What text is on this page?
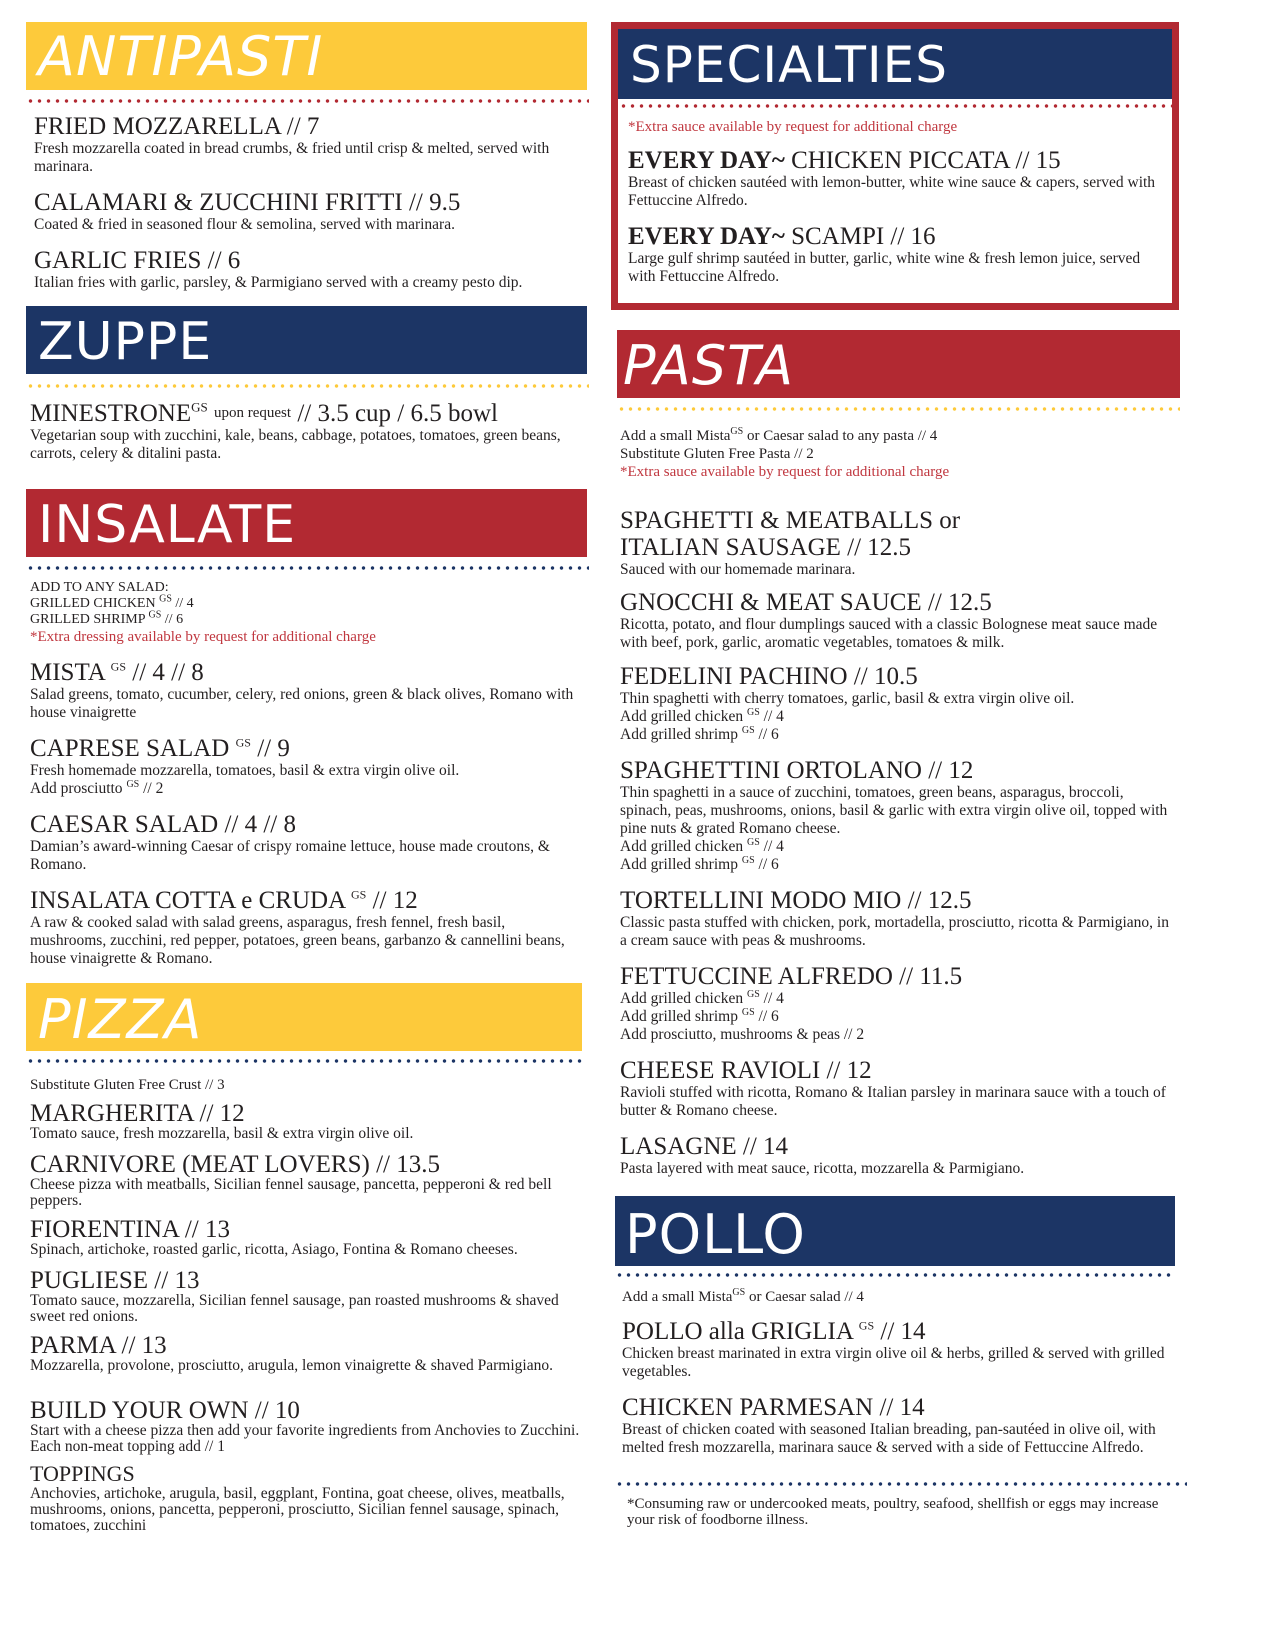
ANTIPASTI
FRIED MOZZARELLA // 7
Fresh mozzarella coated in bread crumbs, & fried until crisp & melted, served with marinara.
CALAMARI & ZUCCHINI FRITTI // 9.5
Coated & fried in seasoned flour & semolina, served with marinara.
GARLIC FRIES // 6
Italian fries with garlic, parsley, & Parmigiano served with a creamy pesto dip.
ZUPPE
$MINESTRONE^{GS}$ $^{upon request}$ // 3.5 cup / 6.5 bowl
Vegetarian soup with zucchini, kale, beans, cabbage, potatoes, tomatoes, green beans, carrots, celery & ditalini pasta.
INSALATE
ADD TO ANY SALAD:
GRILLED CHICKEN $^{GS}$ // 4
GRILLED SHRIMP $^{GS}$ // 6
*Extra dressing available by request for additional charge
MISTA $^{GS}$ // 4 // 8
Salad greens, tomato, cucumber, celery, red onions, green & black olives, Romano with house vinaigrette
CAPRESE SALAD $^{GS}$ // 9
Fresh homemade mozzarella, tomatoes, basil & extra virgin olive oil.
Add prosciutto $^{GS}$ // 2
CAESAR SALAD // 4 // 8
Damian’s award-winning Caesar of crispy romaine lettuce, house made croutons, & Romano.
INSALATA COTTA e CRUDA $^{GS}$ // 12
A raw & cooked salad with salad greens, asparagus, fresh fennel, fresh basil, mushrooms, zucchini, red pepper, potatoes, green beans, garbanzo & cannellini beans, house vinaigrette & Romano.
PIZZA
Substitute Gluten Free Crust // 3
MARGHERITA // 12
Tomato sauce, fresh mozzarella, basil & extra virgin olive oil.
CARNIVORE (MEAT LOVERS) // 13.5
Cheese pizza with meatballs, Sicilian fennel sausage, pancetta, pepperoni & red bell peppers.
FIORENTINA // 13
Spinach, artichoke, roasted garlic, ricotta, Asiago, Fontina & Romano cheeses.
PUGLIESE // 13
Tomato sauce, mozzarella, Sicilian fennel sausage, pan roasted mushrooms & shaved sweet red onions.
PARMA // 13
Mozzarella, provolone, prosciutto, arugula, lemon vinaigrette & shaved Parmigiano.
BUILD YOUR OWN // 10
Start with a cheese pizza then add your favorite ingredients from Anchovies to Zucchini. Each non-meat topping add // 1
TOPPINGS
Anchovies, artichoke, arugula, basil, eggplant, Fontina, goat cheese, olives, meatballs, mushrooms, onions, pancetta, pepperoni, prosciutto, Sicilian fennel sausage, spinach, tomatoes, zucchini
SPECIALTIES
*Extra sauce available by request for additional charge
EVERY DAY~ CHICKEN PICCATA // 15
Breast of chicken sautéed with lemon-butter, white wine sauce & capers, served with Fettuccine Alfredo.
EVERY DAY~ SCAMPI // 16
Large gulf shrimp sautéed in butter, garlic, white wine & fresh lemon juice, served with Fettuccine Alfredo.
PASTA
Add a small Mista$^{GS}$ or Caesar salad to any pasta // 4
Substitute Gluten Free Pasta // 2
*Extra sauce available by request for additional charge
SPAGHETTI & MEATBALLS or
ITALIAN SAUSAGE // 12.5
Sauced with our homemade marinara.
GNOCCHI & MEAT SAUCE // 12.5
Ricotta, potato, and flour dumplings sauced with a classic Bolognese meat sauce made with beef, pork, garlic, aromatic vegetables, tomatoes & milk.
FEDELINI PACHINO // 10.5
Thin spaghetti with cherry tomatoes, garlic, basil & extra virgin olive oil.
Add grilled chicken $^{GS}$ // 4
Add grilled shrimp $^{GS}$ // 6
SPAGHETTINI ORTOLANO // 12
Thin spaghetti in a sauce of zucchini, tomatoes, green beans, asparagus, broccoli, spinach, peas, mushrooms, onions, basil & garlic with extra virgin olive oil, topped with pine nuts & grated Romano cheese.
Add grilled chicken $^{GS}$ // 4
Add grilled shrimp $^{GS}$ // 6
TORTELLINI MODO MIO // 12.5
Classic pasta stuffed with chicken, pork, mortadella, prosciutto, ricotta & Parmigiano, in a cream sauce with peas & mushrooms.
FETTUCCINE ALFREDO // 11.5
Add grilled chicken $^{GS}$ // 4
Add grilled shrimp $^{GS}$ // 6
Add prosciutto, mushrooms & peas // 2
CHEESE RAVIOLI // 12
Ravioli stuffed with ricotta, Romano & Italian parsley in marinara sauce with a touch of butter & Romano cheese.
LASAGNE // 14
Pasta layered with meat sauce, ricotta, mozzarella & Parmigiano.
POLLO
Add a small Mista$^{GS}$ or Caesar salad // 4
POLLO alla GRIGLIA $^{GS}$ // 14
Chicken breast marinated in extra virgin olive oil & herbs, grilled & served with grilled vegetables.
CHICKEN PARMESAN // 14
Breast of chicken coated with seasoned Italian breading, pan-sautéed in olive oil, with melted fresh mozzarella, marinara sauce & served with a side of Fettuccine Alfredo.
*Consuming raw or undercooked meats, poultry, seafood, shellfish or eggs may increase your risk of foodborne illness.
